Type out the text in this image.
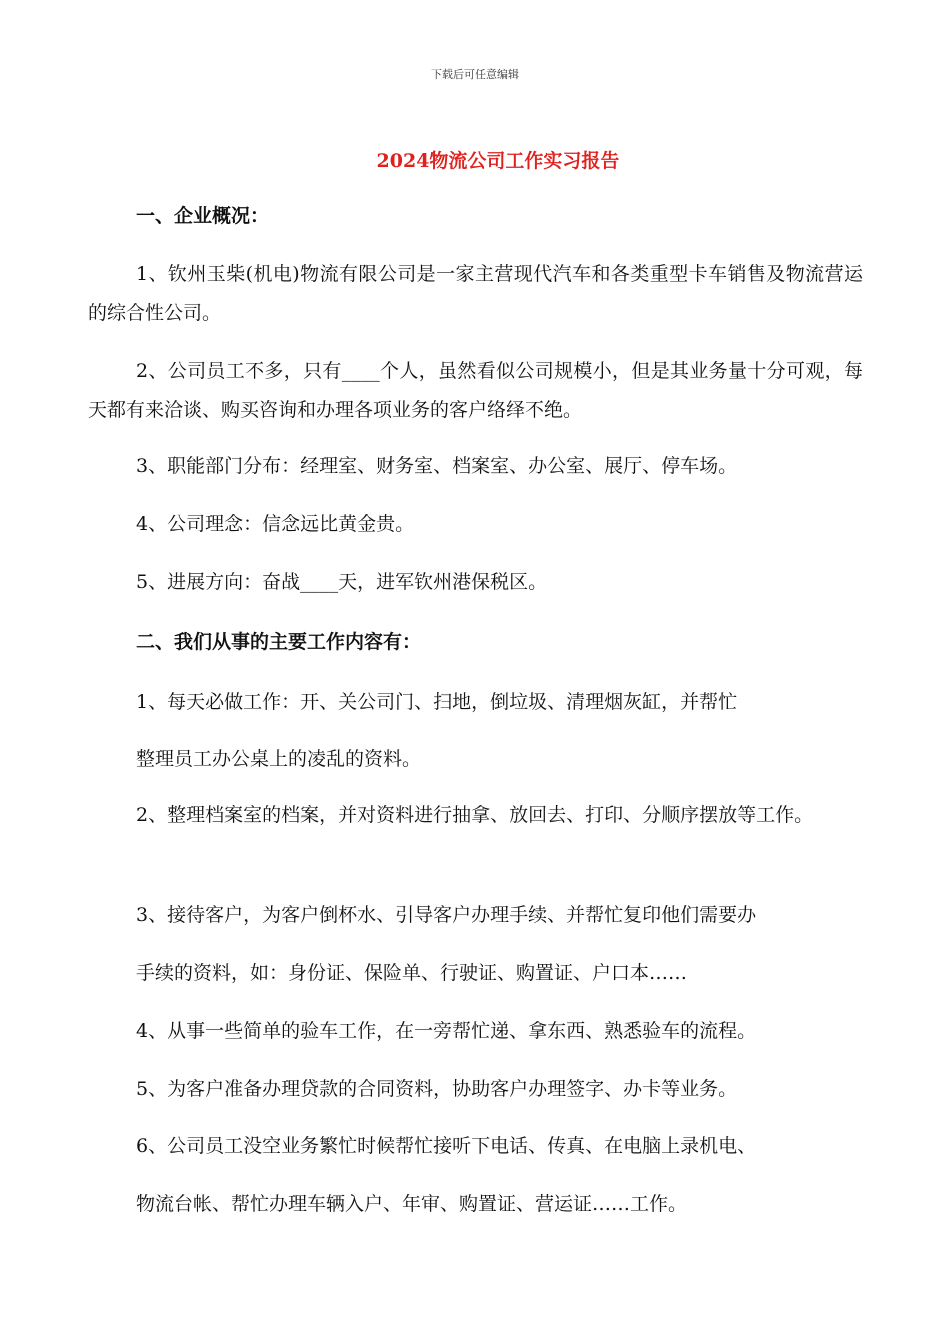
下载后可任意编辑
2024物流公司工作实习报告
一、企业概况：

1、钦州玉柴(机电)物流有限公司是一家主营现代汽车和各类重型卡车销售及物流营运的综合性公司。

2、公司员工不多，只有____个人，虽然看似公司规模小，但是其业务量十分可观，每天都有来洽谈、购买咨询和办理各项业务的客户络绎不绝。

3、职能部门分布：经理室、财务室、档案室、办公室、展厅、停车场。

4、公司理念：信念远比黄金贵。

5、进展方向：奋战____天，进军钦州港保税区。

二、我们从事的主要工作内容有：

1、每天必做工作：开、关公司门、扫地，倒垃圾、清理烟灰缸，并帮忙

整理员工办公桌上的凌乱的资料。

2、整理档案室的档案，并对资料进行抽拿、放回去、打印、分顺序摆放等工作。

3、接待客户，为客户倒杯水、引导客户办理手续、并帮忙复印他们需要办

手续的资料，如：身份证、保险单、行驶证、购置证、户口本……

4、从事一些简单的验车工作，在一旁帮忙递、拿东西、熟悉验车的流程。

5、为客户准备办理贷款的合同资料，协助客户办理签字、办卡等业务。

6、公司员工没空业务繁忙时候帮忙接听下电话、传真、在电脑上录机电、

物流台帐、帮忙办理车辆入户、年审、购置证、营运证……工作。
